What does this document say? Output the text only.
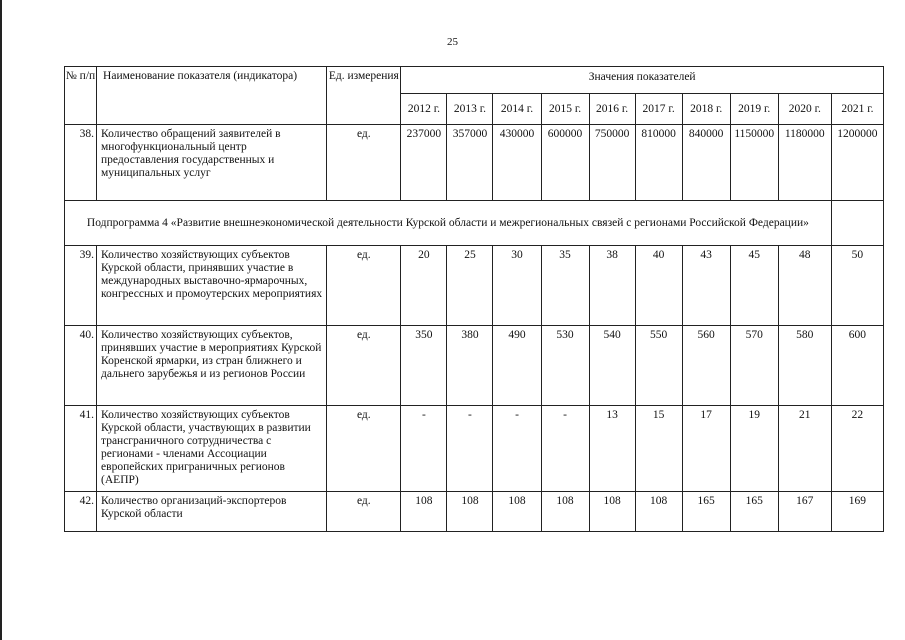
25
№ п/п	Наименование показателя (индикатора)	Ед. измерения	Значения показателей									
			2012 г.	2013 г.	2014 г.	2015 г.	2016 г.	2017 г.	2018 г.	2019 г.	2020 г.	2021 г.
38.	Количество обращений заявителей в многофункциональный центр предоставления государственных и муниципальных услуг	ед.	237000	357000	430000	600000	750000	810000	840000	1150000	1180000	1200000
Подпрограмма 4 «Развитие внешнеэкономической деятельности Курской области и межрегиональных связей с регионами Российской Федерации»												
39.	Количество хозяйствующих субъектов Курской области, принявших участие в международных выставочно-ярмарочных, конгрессных и промоутерских мероприятиях	ед.	20	25	30	35	38	40	43	45	48	50
40.	Количество хозяйствующих субъектов, принявших участие в мероприятиях Курской Коренской ярмарки, из стран ближнего и дальнего зарубежья и из регионов России	ед.	350	380	490	530	540	550	560	570	580	600
41.	Количество хозяйствующих субъектов Курской области, участвующих в развитии трансграничного сотрудничества с регионами - членами Ассоциации европейских приграничных регионов (АЕПР)	ед.	-	-	-	-	13	15	17	19	21	22
42.	Количество организаций-экспортеров Курской области	ед.	108	108	108	108	108	108	165	165	167	169
